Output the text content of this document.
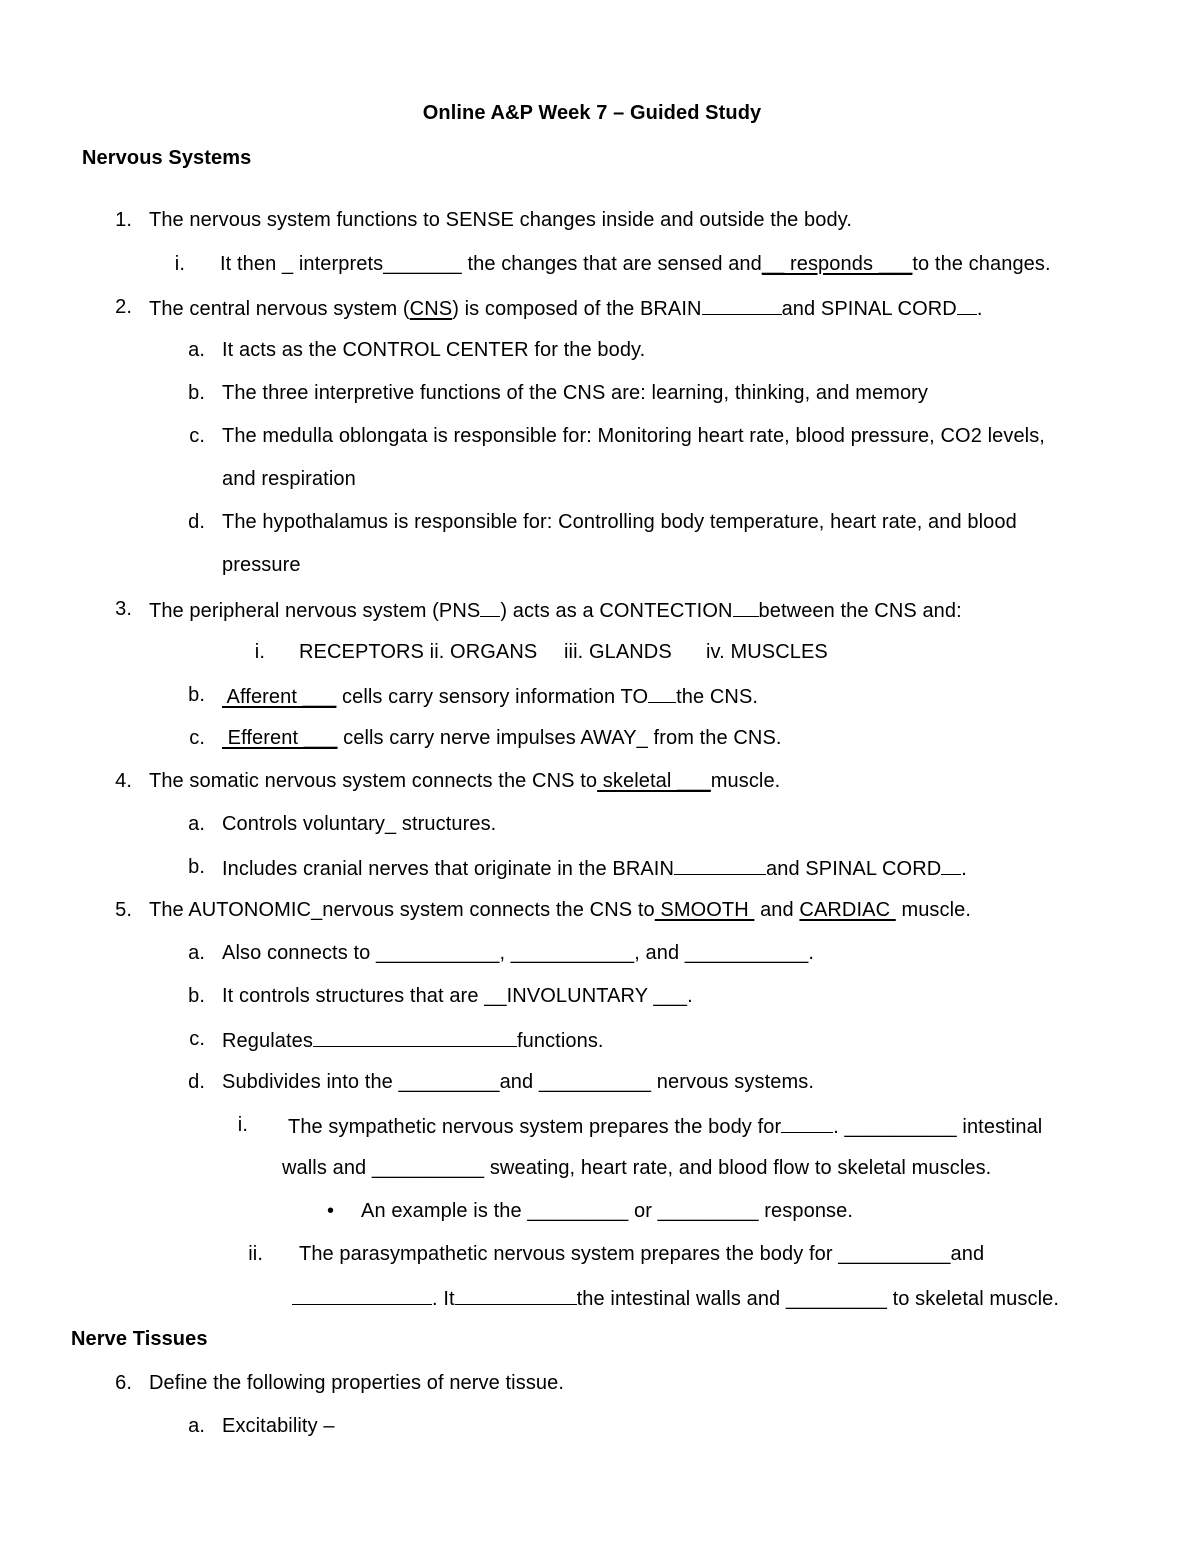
Online A&P Week 7 – Guided Study
Nervous Systems
1. The nervous system functions to SENSE changes inside and outside the body.
i. It then _ interprets_______ the changes that are sensed and__ responds ___to the changes.
2. The central nervous system (CNS) is composed of the BRAIN	and SPINAL CORD .
a. It acts as the CONTROL CENTER for the body.
b. The three interpretive functions of the CNS are: learning, thinking, and memory
c. The medulla oblongata is responsible for: Monitoring heart rate, blood pressure, CO2 levels,
and respiration
d. The hypothalamus is responsible for: Controlling body temperature, heart rate, and blood
pressure
3. The peripheral nervous system (PNS ) acts as a CONTECTION between the CNS and:
i. RECEPTORS ii. ORGANS iii. GLANDS iv. MUSCLES
b. Afferent ___ cells carry sensory information TO the CNS.
c. Efferent ___ cells carry nerve impulses AWAY_ from the CNS.
4. The somatic nervous system connects the CNS to skeletal ___muscle.
a. Controls voluntary_ structures.
b. Includes cranial nerves that originate in the BRAIN	and SPINAL CORD .
5. The AUTONOMIC_nervous system connects the CNS to SMOOTH  and CARDIAC  muscle.
a. Also connects to ___________, ___________, and ___________.
b. It controls structures that are __INVOLUNTARY ___.
c. Regulates	functions.
d. Subdivides into the _________and __________ nervous systems.
i. The sympathetic nervous system prepares the body for	. __________ intestinal
walls and __________ sweating, heart rate, and blood flow to skeletal muscles.
• An example is the _________ or _________ response.
ii. The parasympathetic nervous system prepares the body for __________and
. It	the intestinal walls and _________ to skeletal muscle.
Nerve Tissues
6. Define the following properties of nerve tissue.
a. Excitability –
